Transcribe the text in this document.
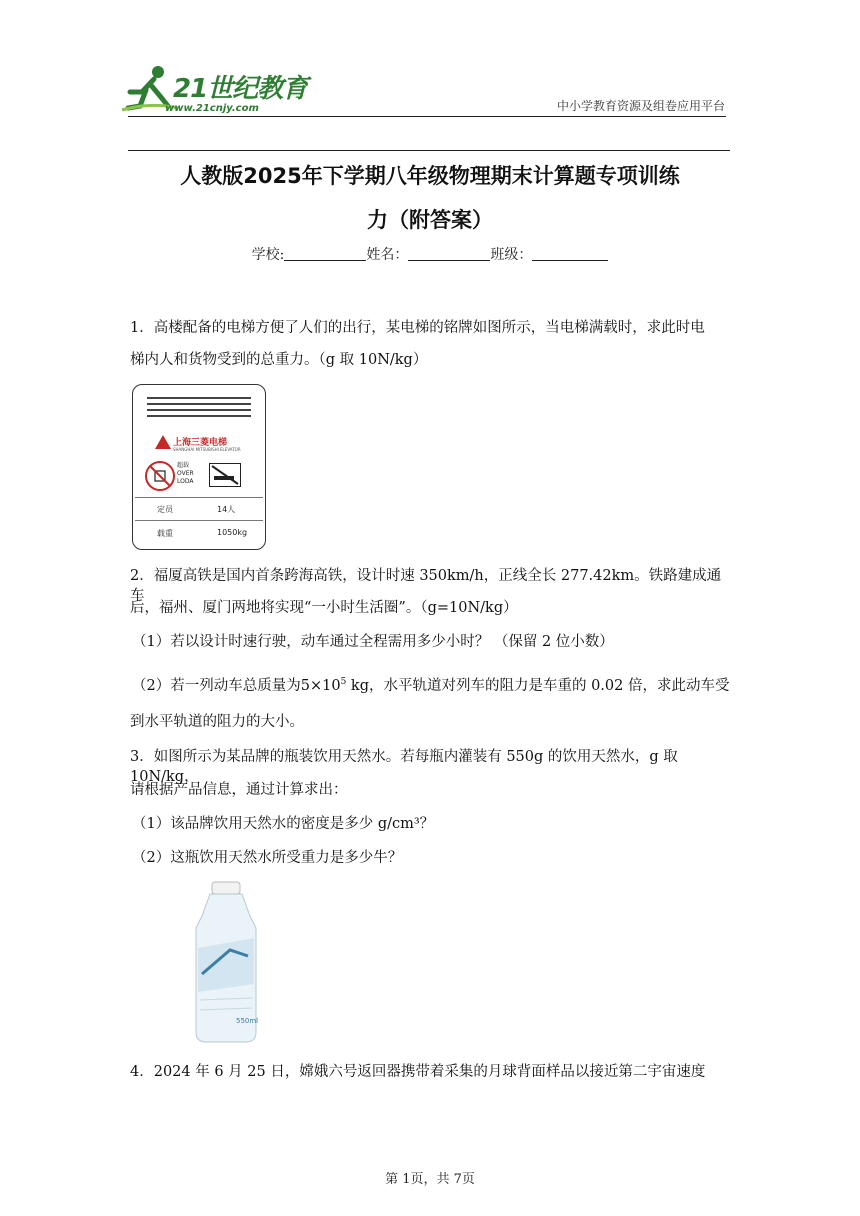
21世纪教育
www.21cnjy.com	中小学教育资源及组卷应用平台
人教版2025年下学期八年级物理期末计算题专项训练
力（附答案）
学校:	姓名：	班级：
1．高楼配备的电梯方便了人们的出行，某电梯的铭牌如图所示，当电梯满载时，求此时电
梯内人和货物受到的总重力。（g 取 10N/kg）
上海三菱电梯
SHANGHAI MITSUBISHI ELEVATOR
超载
OVER
LODA
定员	14人
载重	1050kg
2．福厦高铁是国内首条跨海高铁，设计时速 350km/h，正线全长 277.42km。铁路建成通车
后，福州、厦门两地将实现“一小时生活圈”。（g=10N/kg）
（1）若以设计时速行驶，动车通过全程需用多少小时？ （保留 2 位小数）
（2）若一列动车总质量为$5\times 10^5$ kg，水平轨道对列车的阻力是车重的 0.02 倍，求此动车受
到水平轨道的阻力的大小。
3．如图所示为某品牌的瓶装饮用天然水。若每瓶内灌装有 550g 的饮用天然水，g 取 10N/kg，
请根据产品信息，通过计算求出：
（1）该品牌饮用天然水的密度是多少 g/cm³？
（2）这瓶饮用天然水所受重力是多少牛？
550ml
4．2024 年 6 月 25 日，嫦娥六号返回器携带着采集的月球背面样品以接近第二宇宙速度
第 1页，共 7页
